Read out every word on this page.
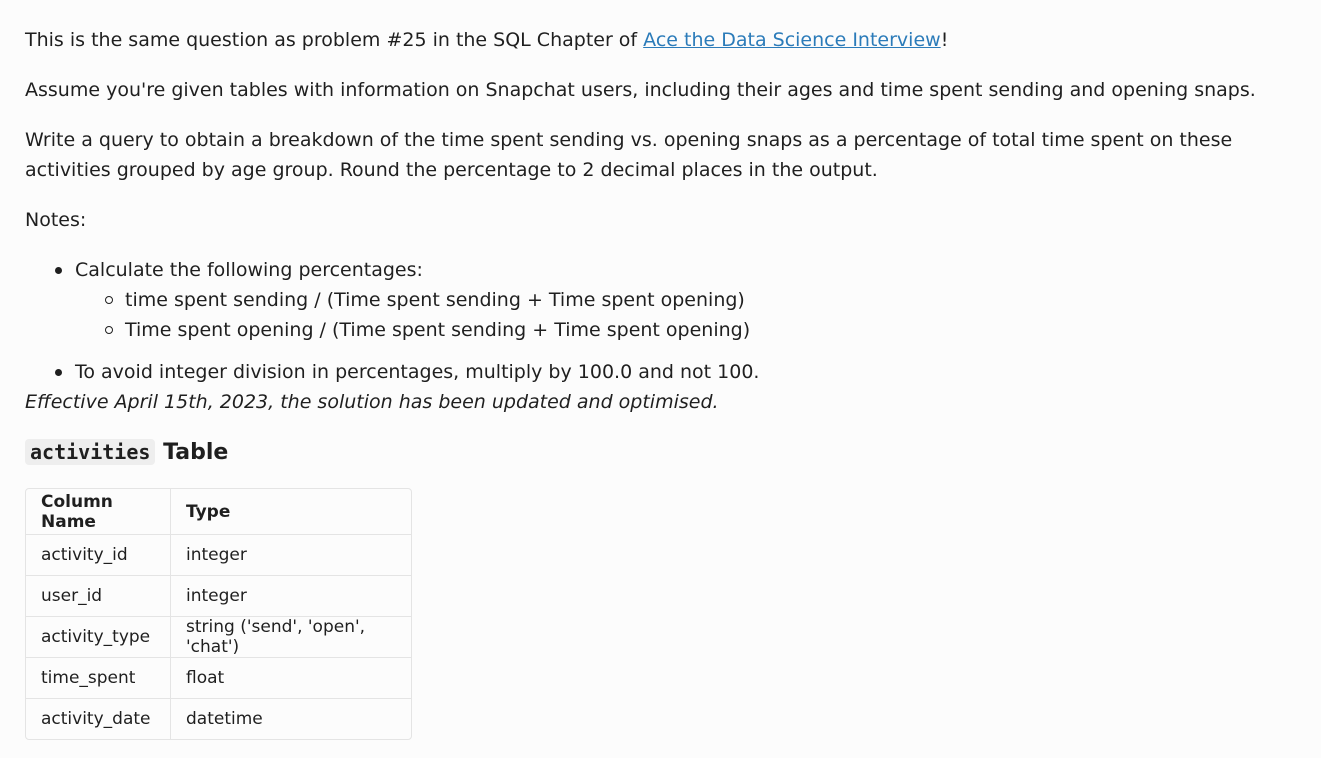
This is the same question as problem #25 in the SQL Chapter of Ace the Data Science Interview!

Assume you're given tables with information on Snapchat users, including their ages and time spent sending and opening snaps.

Write a query to obtain a breakdown of the time spent sending vs. opening snaps as a percentage of total time spent on these activities grouped by age group. Round the percentage to 2 decimal places in the output.

Notes:

Calculate the following percentages:
time spent sending / (Time spent sending + Time spent opening)
Time spent opening / (Time spent sending + Time spent opening)
To avoid integer division in percentages, multiply by 100.0 and not 100.

Effective April 15th, 2023, the solution has been updated and optimised.

activities Table
Column Name	Type
activity_id	integer
user_id	integer
activity_type	string ('send', 'open', 'chat')
time_spent	float
activity_date	datetime
